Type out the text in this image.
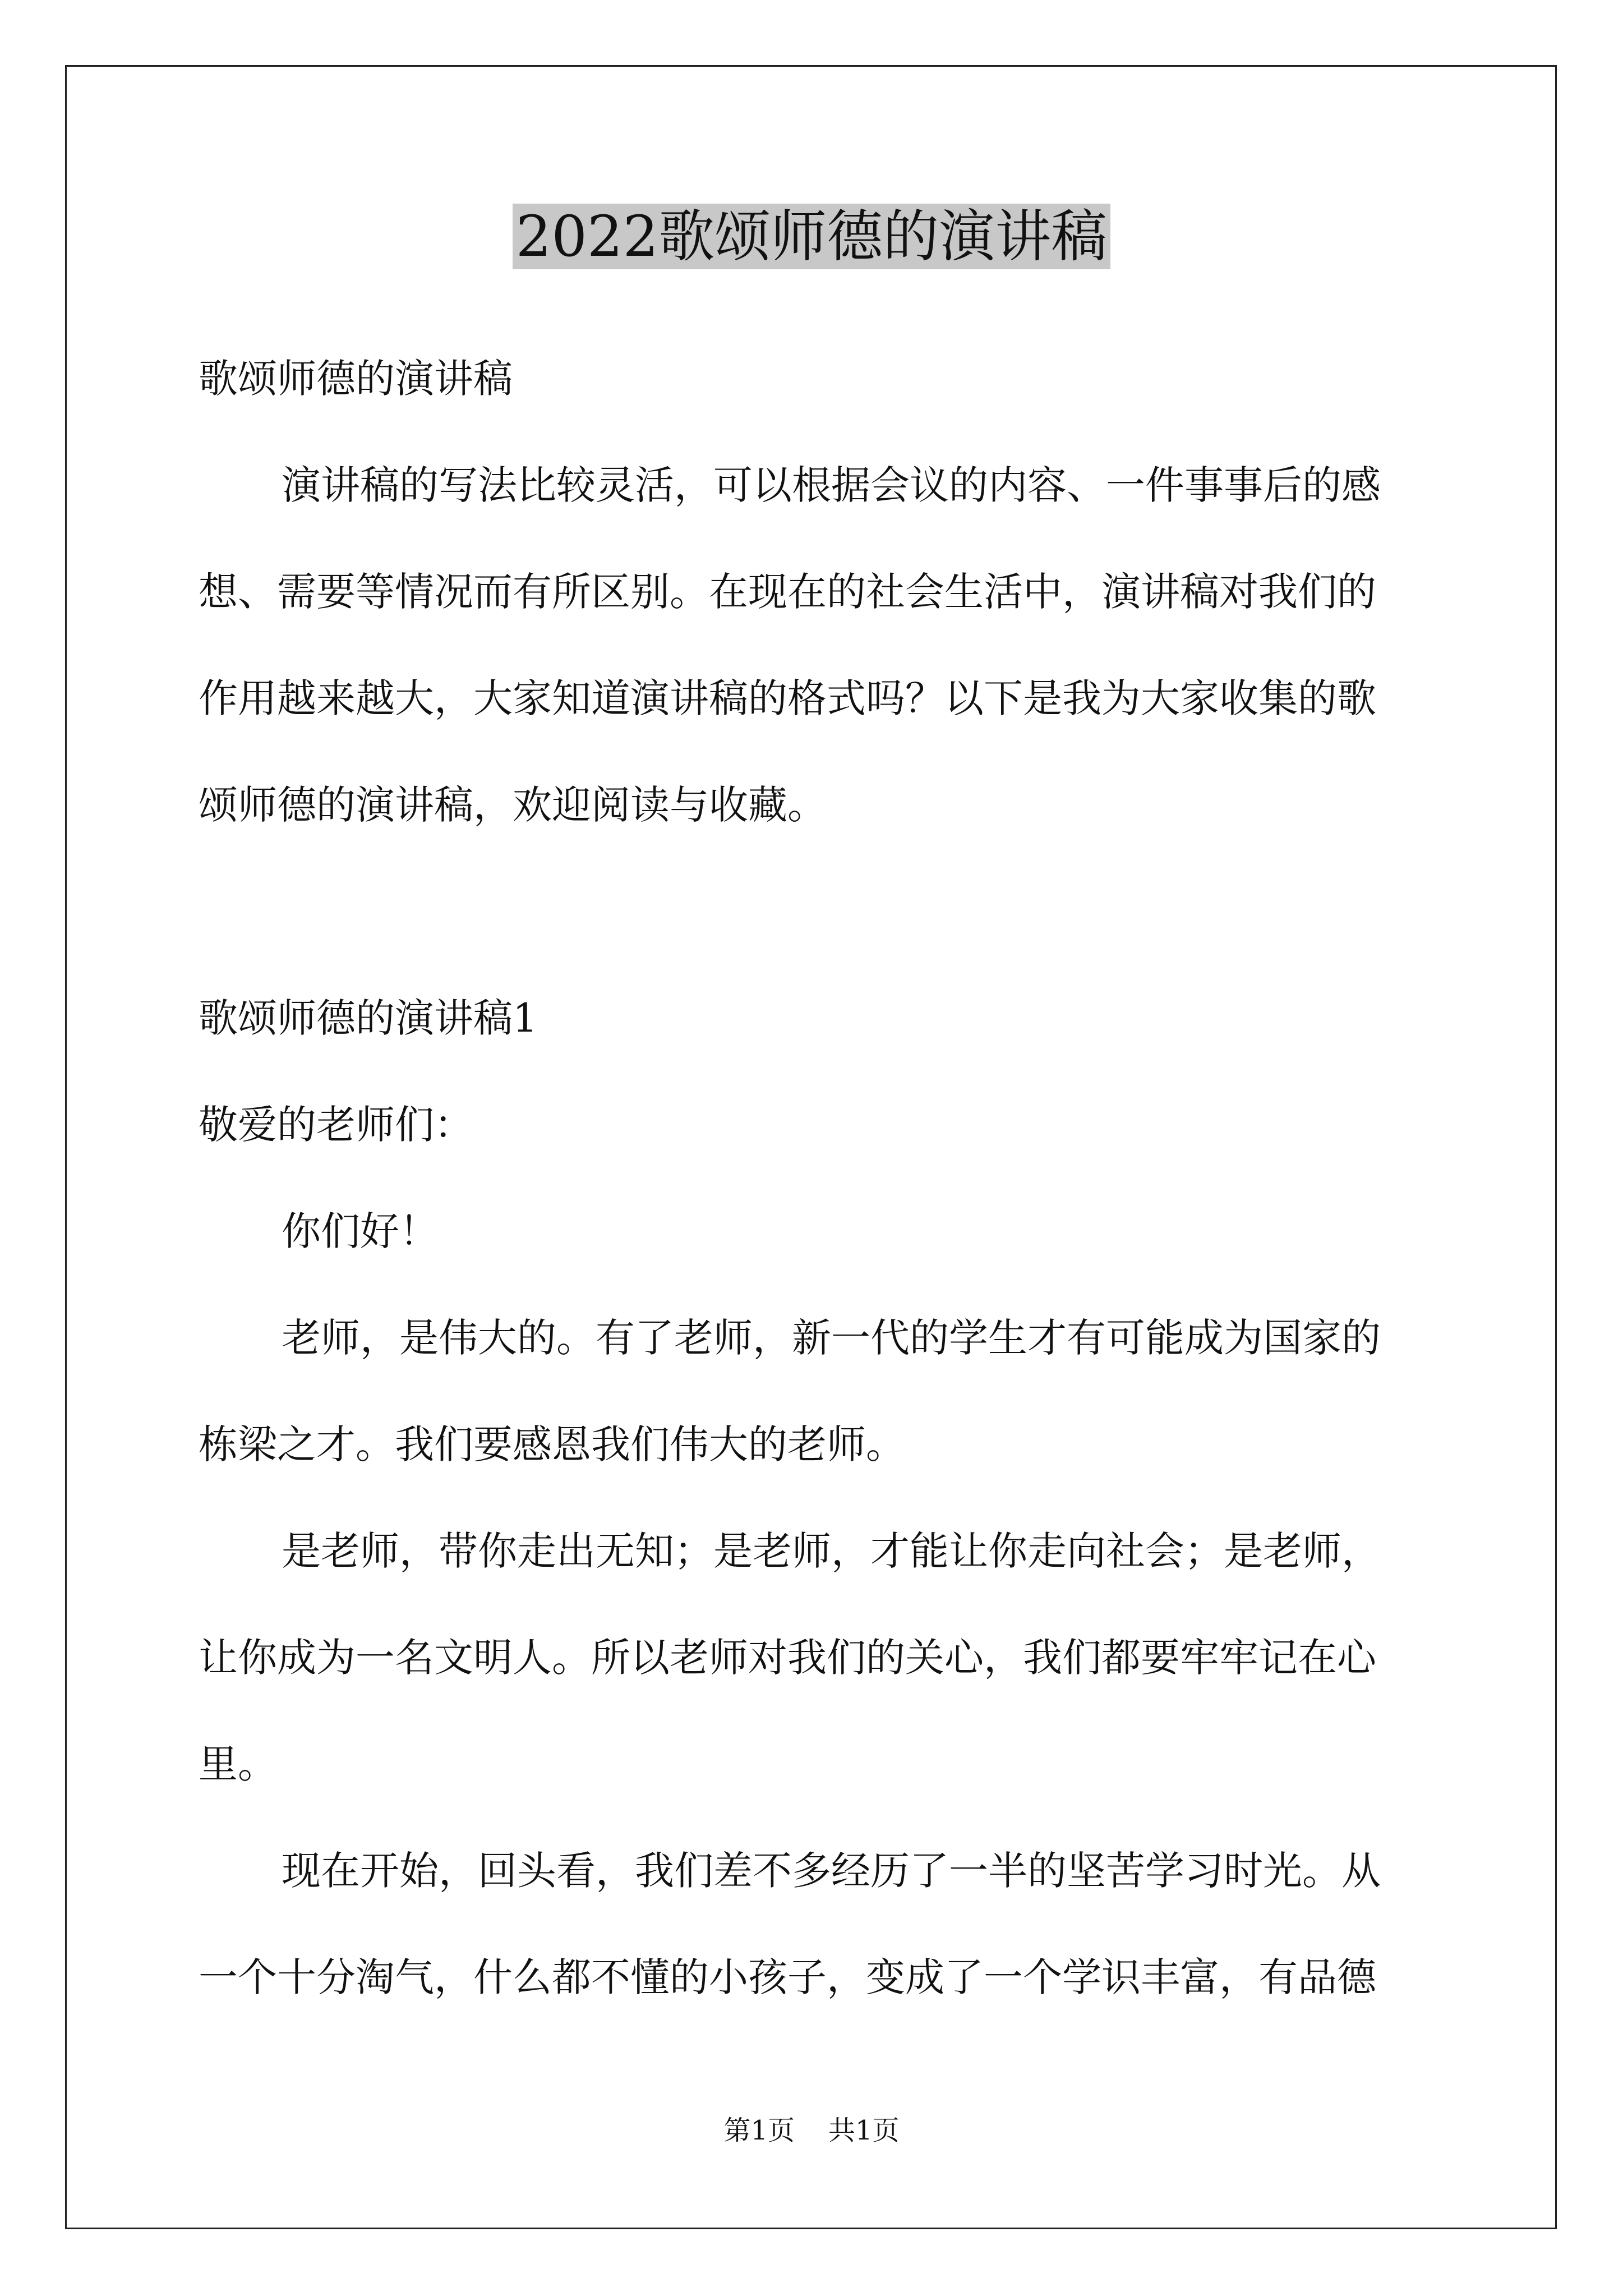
2022歌颂师德的演讲稿
歌颂师德的演讲稿
演讲稿的写法比较灵活，可以根据会议的内容、一件事事后的感
想、需要等情况而有所区别。在现在的社会生活中，演讲稿对我们的
作用越来越大，大家知道演讲稿的格式吗？以下是我为大家收集的歌
颂师德的演讲稿，欢迎阅读与收藏。
歌颂师德的演讲稿1
敬爱的老师们：
你们好！
老师，是伟大的。有了老师，新一代的学生才有可能成为国家的
栋梁之才。我们要感恩我们伟大的老师。
是老师，带你走出无知；是老师，才能让你走向社会；是老师，
让你成为一名文明人。所以老师对我们的关心，我们都要牢牢记在心
里。
现在开始，回头看，我们差不多经历了一半的坚苦学习时光。从
一个十分淘气，什么都不懂的小孩子，变成了一个学识丰富，有品德
第1页 共1页
